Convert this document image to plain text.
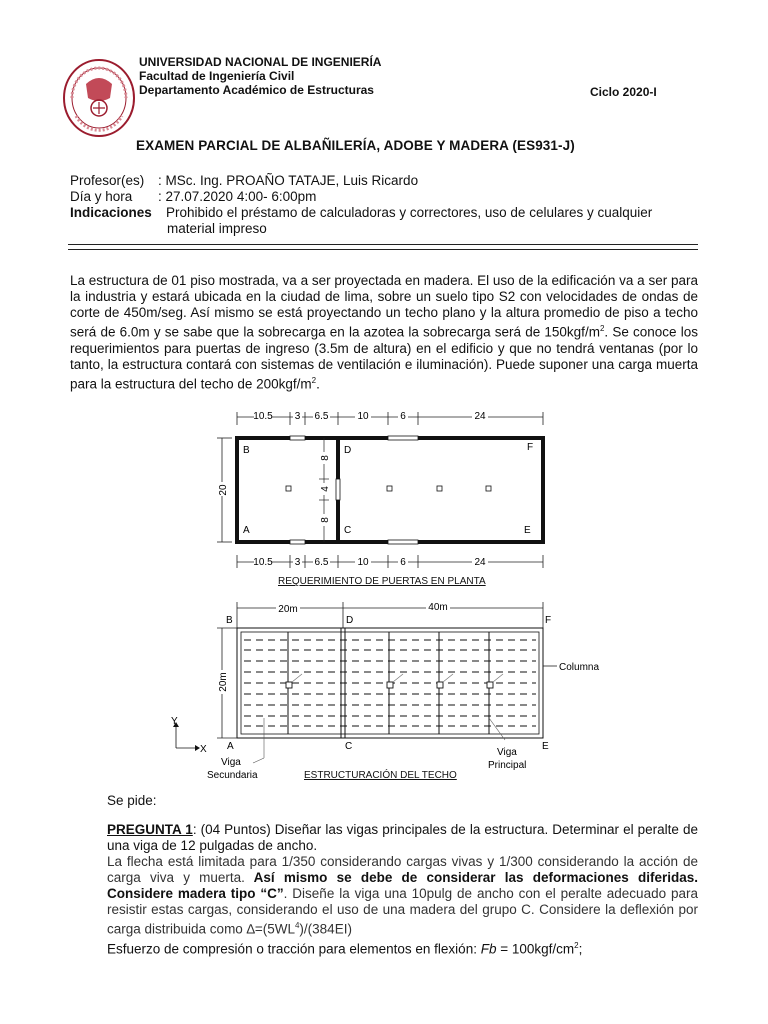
UNIVERSIDAD NACIONAL DE INGENIERÍA
Facultad de Ingeniería Civil
Departamento Académico de Estructuras	Ciclo 2020-I
EXAMEN PARCIAL DE ALBAÑILERÍA, ADOBE Y MADERA (ES931-J)
Profesor(es) : MSc. Ing. PROAÑO TATAJE, Luis Ricardo
Día y hora : 27.07.2020 4:00- 6:00pm
Indicaciones Prohibido el préstamo de calculadoras y correctores, uso de celulares y cualquier
material impreso
La estructura de 01 piso mostrada, va a ser proyectada en madera. El uso de la edificación va a ser para la industria y estará ubicada en la ciudad de lima, sobre un suelo tipo S2 con velocidades de ondas de corte de 450m/seg. Así mismo se está proyectando un techo plano y la altura promedio de piso a techo será de 6.0m y se sabe que la sobrecarga en la azotea la sobrecarga será de $150kgf/m^2$. Se conoce los requerimientos para puertas de ingreso (3.5m de altura) en el edificio y que no tendrá ventanas (por lo tanto, la estructura contará con sistemas de ventilación e iluminación). Puede suponer una carga muerta para la estructura del techo de $200kgf/m^2$.
10.5 3 6.5	10	6	24
8
4
8
20
B	D	F
A	C	E
10.5 3 6.5	10	6	24
REQUERIMIENTO DE PUERTAS EN PLANTA
20m	40m
B	D	F
Columna
20m
Y
X A	C	E
Viga
Secundaria
Viga
Principal
ESTRUCTURACIÓN DEL TECHO
Se pide:
PREGUNTA 1: (04 Puntos) Diseñar las vigas principales de la estructura. Determinar el peralte de una viga de 12 pulgadas de ancho.
La flecha está limitada para 1/350 considerando cargas vivas y 1/300 considerando la acción de carga viva y muerta. Así mismo se debe de considerar las deformaciones diferidas. Considere madera tipo “C”. Diseñe la viga una 10pulg de ancho con el peralte adecuado para resistir estas cargas, considerando el uso de una madera del grupo C. Considere la deflexión por carga distribuida como $\Delta=(5WL^4)/(384EI)$
Esfuerzo de compresión o tracción para elementos en flexión: $Fb = 100kgf/cm^2$;
